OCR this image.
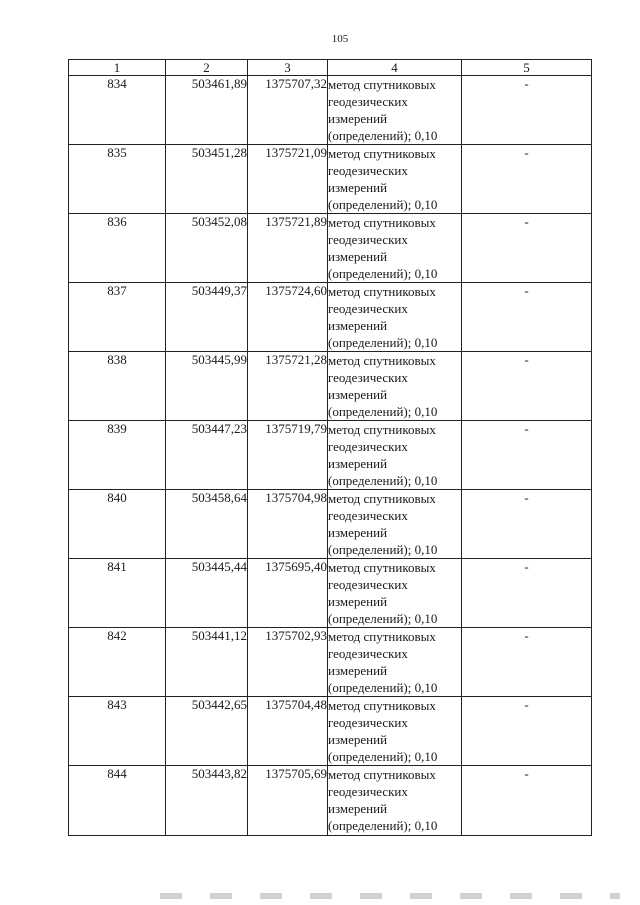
105
1	2	3	4	5
834	503461,89	1375707,32	метод спутниковых
геодезических
измерений
(определений); 0,10	-
835	503451,28	1375721,09	метод спутниковых
геодезических
измерений
(определений); 0,10	-
836	503452,08	1375721,89	метод спутниковых
геодезических
измерений
(определений); 0,10	-
837	503449,37	1375724,60	метод спутниковых
геодезических
измерений
(определений); 0,10	-
838	503445,99	1375721,28	метод спутниковых
геодезических
измерений
(определений); 0,10	-
839	503447,23	1375719,79	метод спутниковых
геодезических
измерений
(определений); 0,10	-
840	503458,64	1375704,98	метод спутниковых
геодезических
измерений
(определений); 0,10	-
841	503445,44	1375695,40	метод спутниковых
геодезических
измерений
(определений); 0,10	-
842	503441,12	1375702,93	метод спутниковых
геодезических
измерений
(определений); 0,10	-
843	503442,65	1375704,48	метод спутниковых
геодезических
измерений
(определений); 0,10	-
844	503443,82	1375705,69	метод спутниковых
геодезических
измерений
(определений); 0,10	-
